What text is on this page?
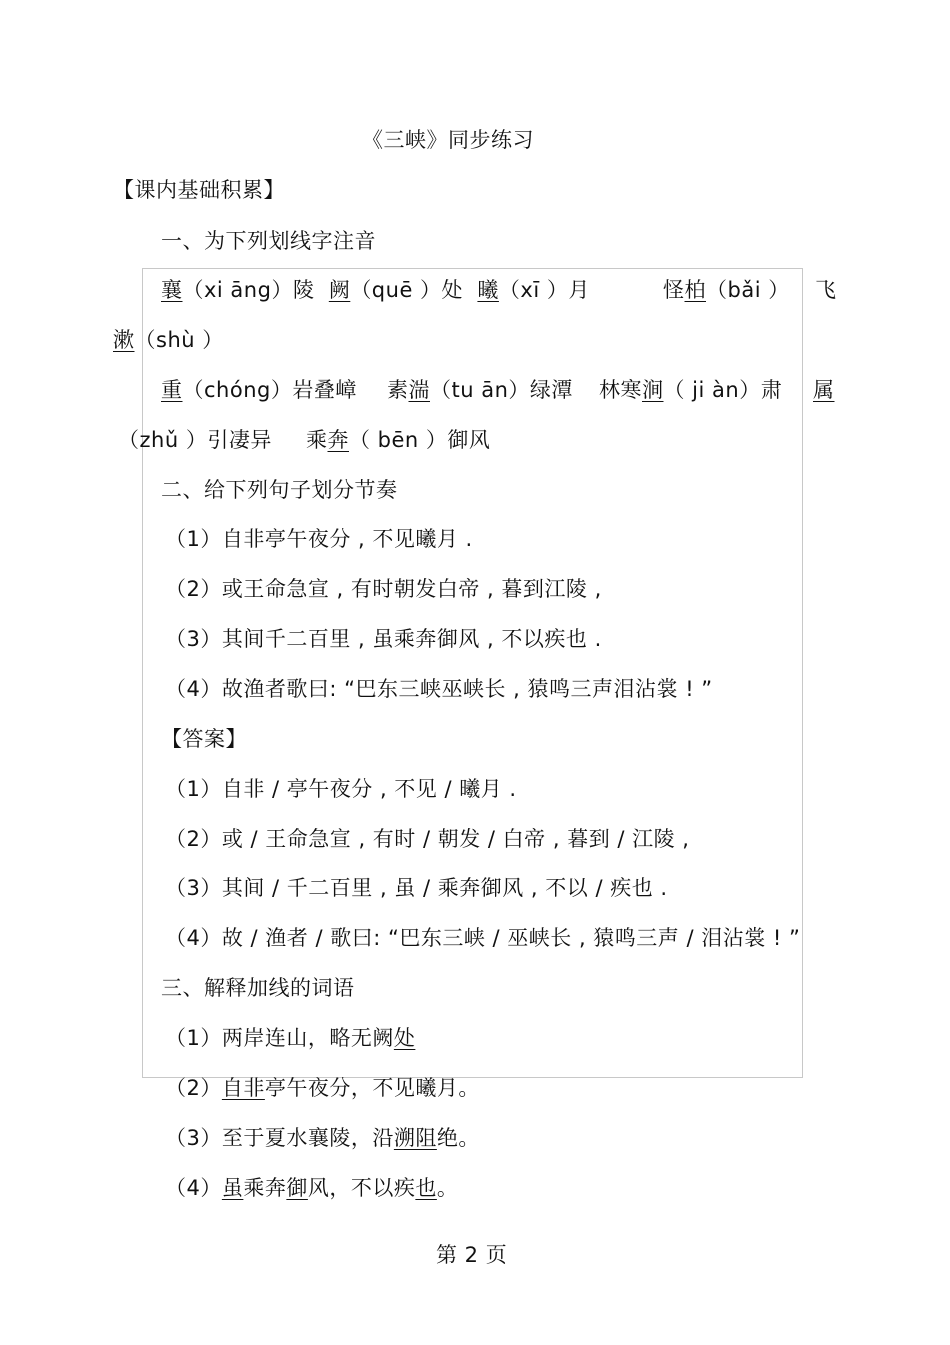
《三峡》同步练习
【课内基础积累】
一、为下列划线字注音
襄（xi āng）陵  阙（quē ）处  曦（xī ）月	怪柏（bǎi ） 飞
漱（shù ）
重（chóng）岩叠嶂 素湍（tu ān）绿潭 林寒涧（ ji àn）肃 属
（zhǔ ）引凄异 乘奔（ bēn ）御风
二、给下列句子划分节奏
（1）自非亭午夜分 , 不见曦月 .
（2）或王命急宣 , 有时朝发白帝 , 暮到江陵 ,
（3）其间千二百里 , 虽乘奔御风 , 不以疾也 .
（4）故渔者歌曰: “巴东三峡巫峡长 , 猿鸣三声泪沾裳 ! ”
【答案】
（1）自非 / 亭午夜分 , 不见 / 曦月 .
（2）或 / 王命急宣 , 有时 / 朝发 / 白帝 , 暮到 / 江陵 ,
（3）其间 / 千二百里 , 虽 / 乘奔御风 , 不以 / 疾也 .
（4）故 / 渔者 / 歌曰: “巴东三峡 / 巫峡长 , 猿鸣三声 / 泪沾裳 ! ”
三、解释加线的词语
（1）两岸连山，略无阙处
（2）自非亭午夜分，不见曦月。
（3）至于夏水襄陵，沿溯阻绝。
（4）虽乘奔御风，不以疾也。
第 2 页
